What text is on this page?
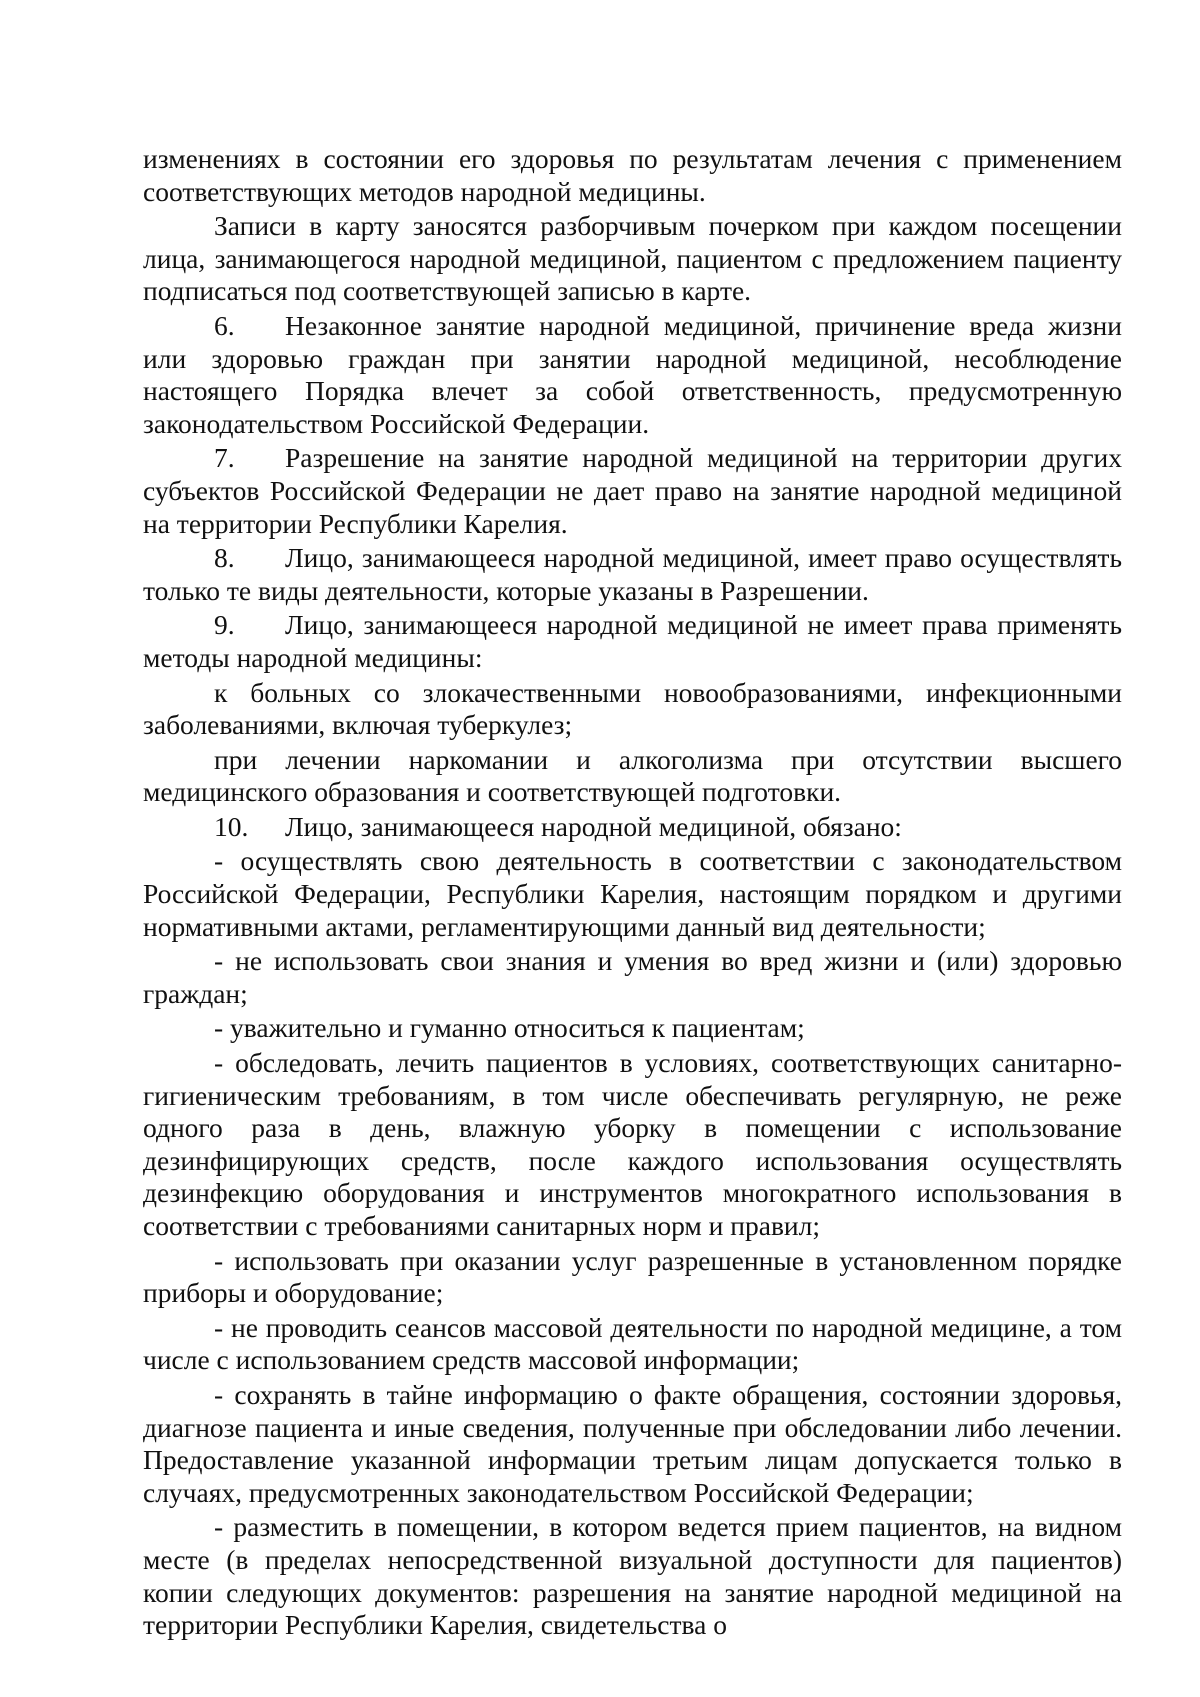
изменениях в состоянии его здоровья по результатам лечения с применением соответствующих методов народной медицины.

Записи в карту заносятся разборчивым почерком при каждом посещении лица, занимающегося народной медициной, пациентом с предложением пациенту подписаться под соответствующей записью в карте.

6. Незаконное занятие народной медициной, причинение вреда жизни или здоровью граждан при занятии народной медициной, несоблюдение настоящего Порядка влечет за собой ответственность, предусмотренную законодательством Российской Федерации.

7. Разрешение на занятие народной медициной на территории других субъектов Российской Федерации не дает право на занятие народной медициной на территории Республики Карелия.

8. Лицо, занимающееся народной медициной, имеет право осуществлять только те виды деятельности, которые указаны в Разрешении.

9. Лицо, занимающееся народной медициной не имеет права применять методы народной медицины:

к больных со злокачественными новообразованиями, инфекционными заболеваниями, включая туберкулез;

при лечении наркомании и алкоголизма при отсутствии высшего медицинского образования и соответствующей подготовки.

10. Лицо, занимающееся народной медициной, обязано:

- осуществлять свою деятельность в соответствии с законодательством Российской Федерации, Республики Карелия, настоящим порядком и другими нормативными актами, регламентирующими данный вид деятельности;

- не использовать свои знания и умения во вред жизни и (или) здоровью граждан;

- уважительно и гуманно относиться к пациентам;

- обследовать, лечить пациентов в условиях, соответствующих санитарно-гигиеническим требованиям, в том числе обеспечивать регулярную, не реже одного раза в день, влажную уборку в помещении с использование дезинфицирующих средств, после каждого использования осуществлять дезинфекцию оборудования и инструментов многократного использования в соответствии с требованиями санитарных норм и правил;

- использовать при оказании услуг разрешенные в установленном порядке приборы и оборудование;

- не проводить сеансов массовой деятельности по народной медицине, а том числе с использованием средств массовой информации;

- сохранять в тайне информацию о факте обращения, состоянии здоровья, диагнозе пациента и иные сведения, полученные при обследовании либо лечении. Предоставление указанной информации третьим лицам допускается только в случаях, предусмотренных законодательством Российской Федерации;

- разместить в помещении, в котором ведется прием пациентов, на видном месте (в пределах непосредственной визуальной доступности для пациентов) копии следующих документов: разрешения на занятие народной медициной на территории Республики Карелия, свидетельства о
